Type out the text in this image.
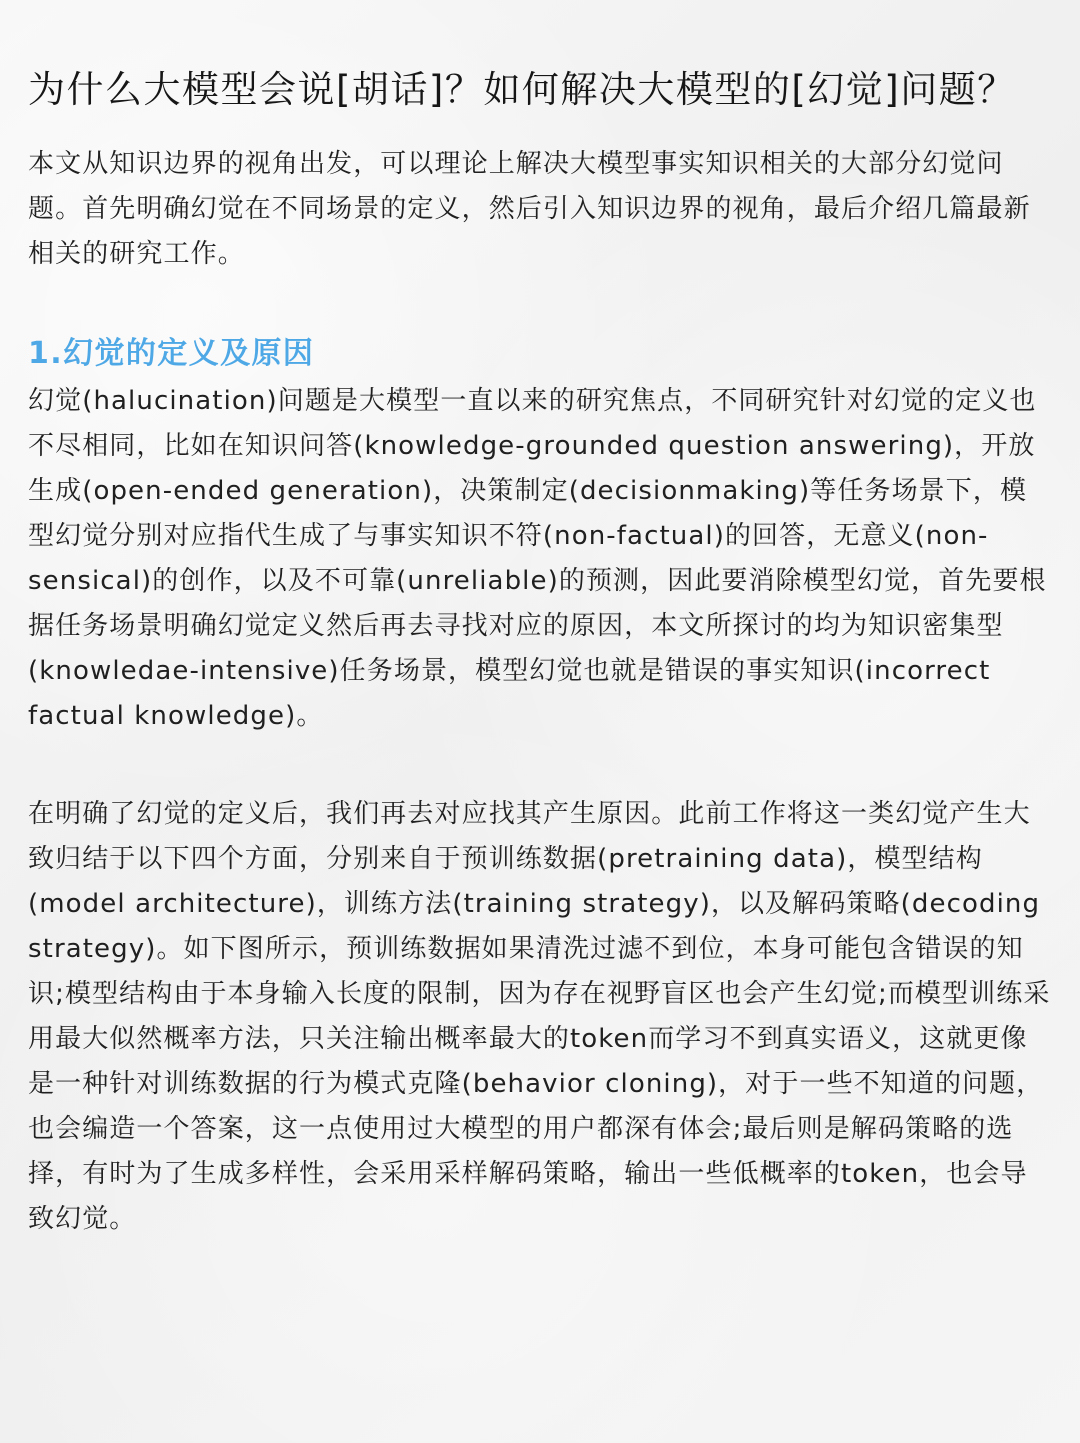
为什么大模型会说[胡话]？如何解决大模型的[幻觉]问题？

本文从知识边界的视角出发，可以理论上解决大模型事实知识相关的大部分幻觉问题。首先明确幻觉在不同场景的定义，然后引入知识边界的视角，最后介绍几篇最新相关的研究工作。

1.幻觉的定义及原因

幻觉(halucination)问题是大模型一直以来的研究焦点，不同研究针对幻觉的定义也不尽相同，比如在知识问答(knowledge-grounded question answering)，开放生成(open-ended generation)，决策制定(decisionmaking)等任务场景下，模型幻觉分别对应指代生成了与事实知识不符(non-factual)的回答，无意义(non-sensical)的创作，以及不可靠(unreliable)的预测，因此要消除模型幻觉，首先要根据任务场景明确幻觉定义然后再去寻找对应的原因，本文所探讨的均为知识密集型(knowledae-intensive)任务场景，模型幻觉也就是错误的事实知识(incorrect factual knowledge)。

在明确了幻觉的定义后，我们再去对应找其产生原因。此前工作将这一类幻觉产生大致归结于以下四个方面，分别来自于预训练数据(pretraining data)，模型结构(model architecture)，训练方法(training strategy)，以及解码策略(decoding strategy)。如下图所示，预训练数据如果清洗过滤不到位，本身可能包含错误的知识;模型结构由于本身输入长度的限制，因为存在视野盲区也会产生幻觉;而模型训练采用最大似然概率方法，只关注输出概率最大的token而学习不到真实语义，这就更像是一种针对训练数据的行为模式克隆(behavior cloning)，对于一些不知道的问题，也会编造一个答案，这一点使用过大模型的用户都深有体会;最后则是解码策略的选择，有时为了生成多样性，会采用采样解码策略，输出一些低概率的token，也会导致幻觉。
